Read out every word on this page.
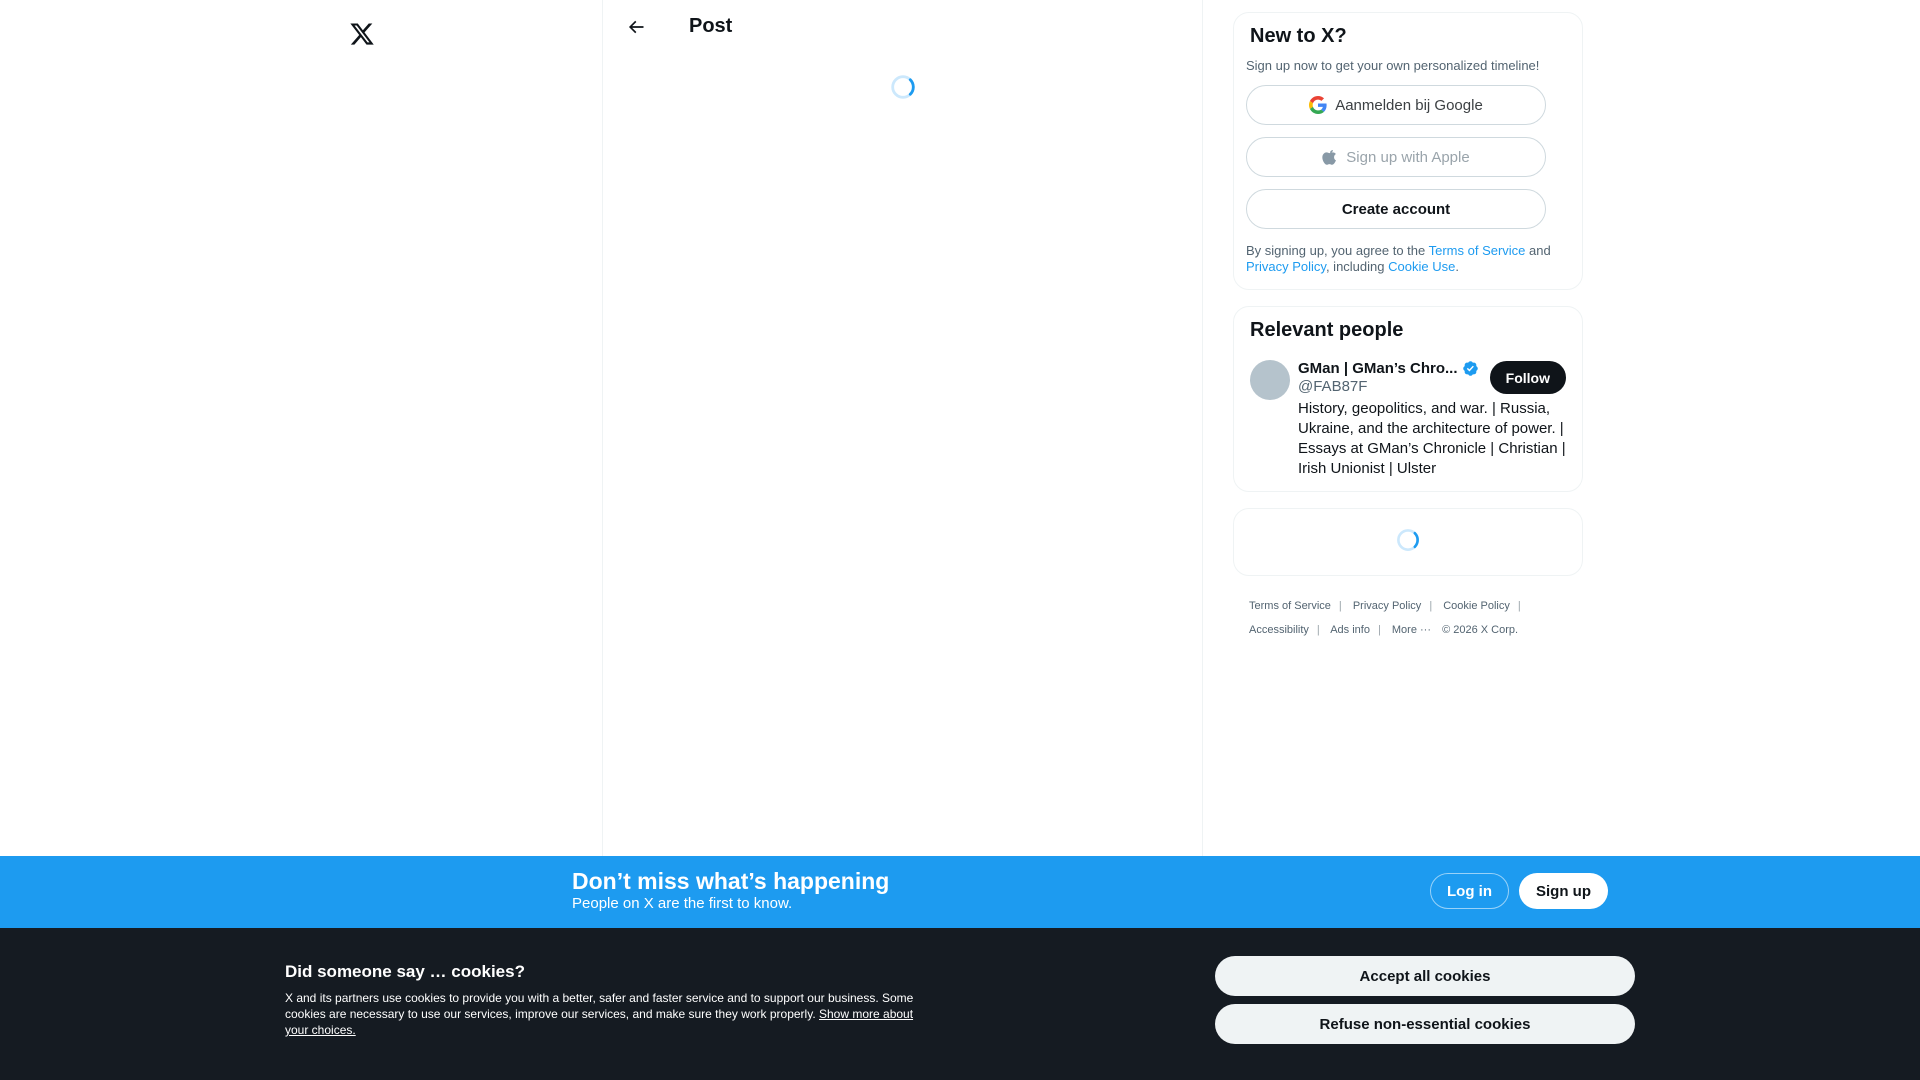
Post	New to X?
Sign up now to get your own personalized timeline!
Aanmelden bij Google
Sign up with Apple
Create account
By signing up, you agree to the Terms of Service and
Privacy Policy, including Cookie Use.
Relevant people
GMan | GMan’s Chro...
@FAB87F
History, geopolitics, and war. | Russia, Ukraine, and the architecture of power. | Essays at GMan’s Chronicle | Christian | Irish Unionist | Ulster
Follow
Terms of Service | Privacy Policy | Cookie Policy |
Accessibility | Ads info | More ··· © 2026 X Corp.
Don’t miss what’s happening
People on X are the first to know.
Log in	Sign up
Did someone say … cookies?
X and its partners use cookies to provide you with a better, safer and faster service and to support our business. Some cookies are necessary to use our services, improve our services, and make sure they work properly. Show more about your choices.
Accept all cookies
Refuse non-essential cookies
